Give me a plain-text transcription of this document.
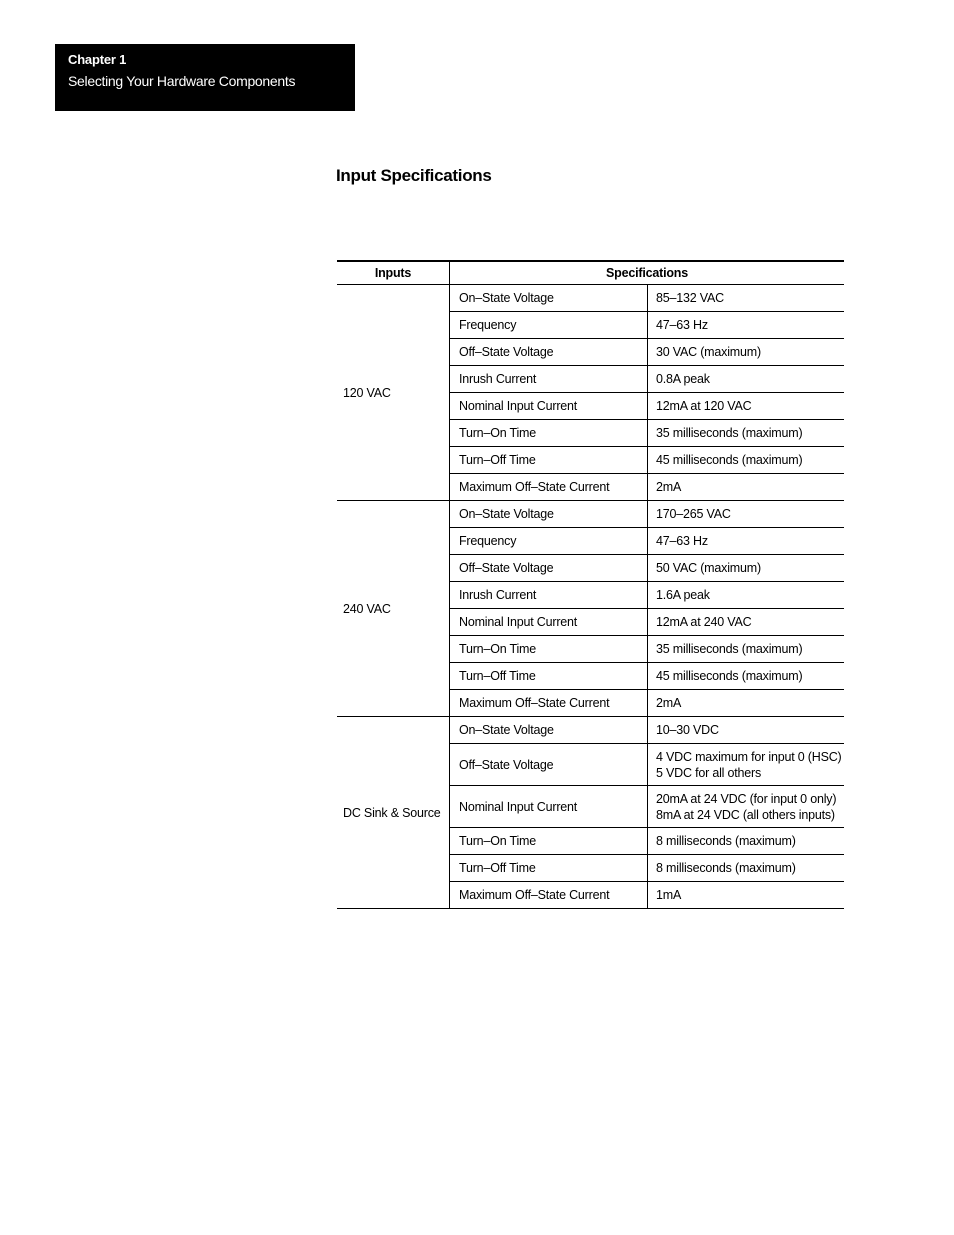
Chapter 1
Selecting Your Hardware Components
Input Specifications
Inputs	Specifications	
120 VAC	On–State Voltage	85–132 VAC
	Frequency	47–63 Hz
	Off–State Voltage	30 VAC (maximum)
	Inrush Current	0.8A peak
	Nominal Input Current	12mA at 120 VAC
	Turn–On Time	35 milliseconds (maximum)
	Turn–Off Time	45 milliseconds (maximum)
	Maximum Off–State Current	2mA
240 VAC	On–State Voltage	170–265 VAC
	Frequency	47–63 Hz
	Off–State Voltage	50 VAC (maximum)
	Inrush Current	1.6A peak
	Nominal Input Current	12mA at 240 VAC
	Turn–On Time	35 milliseconds (maximum)
	Turn–Off Time	45 milliseconds (maximum)
	Maximum Off–State Current	2mA
DC Sink & Source	On–State Voltage	10–30 VDC
	Off–State Voltage	4 VDC maximum for input 0 (HSC)
5 VDC for all others

	Nominal Input Current	20mA at 24 VDC (for input 0 only)
8mA at 24 VDC (all others inputs)

	Turn–On Time	8 milliseconds (maximum)
	Turn–Off Time	8 milliseconds (maximum)
	Maximum Off–State Current	1mA
